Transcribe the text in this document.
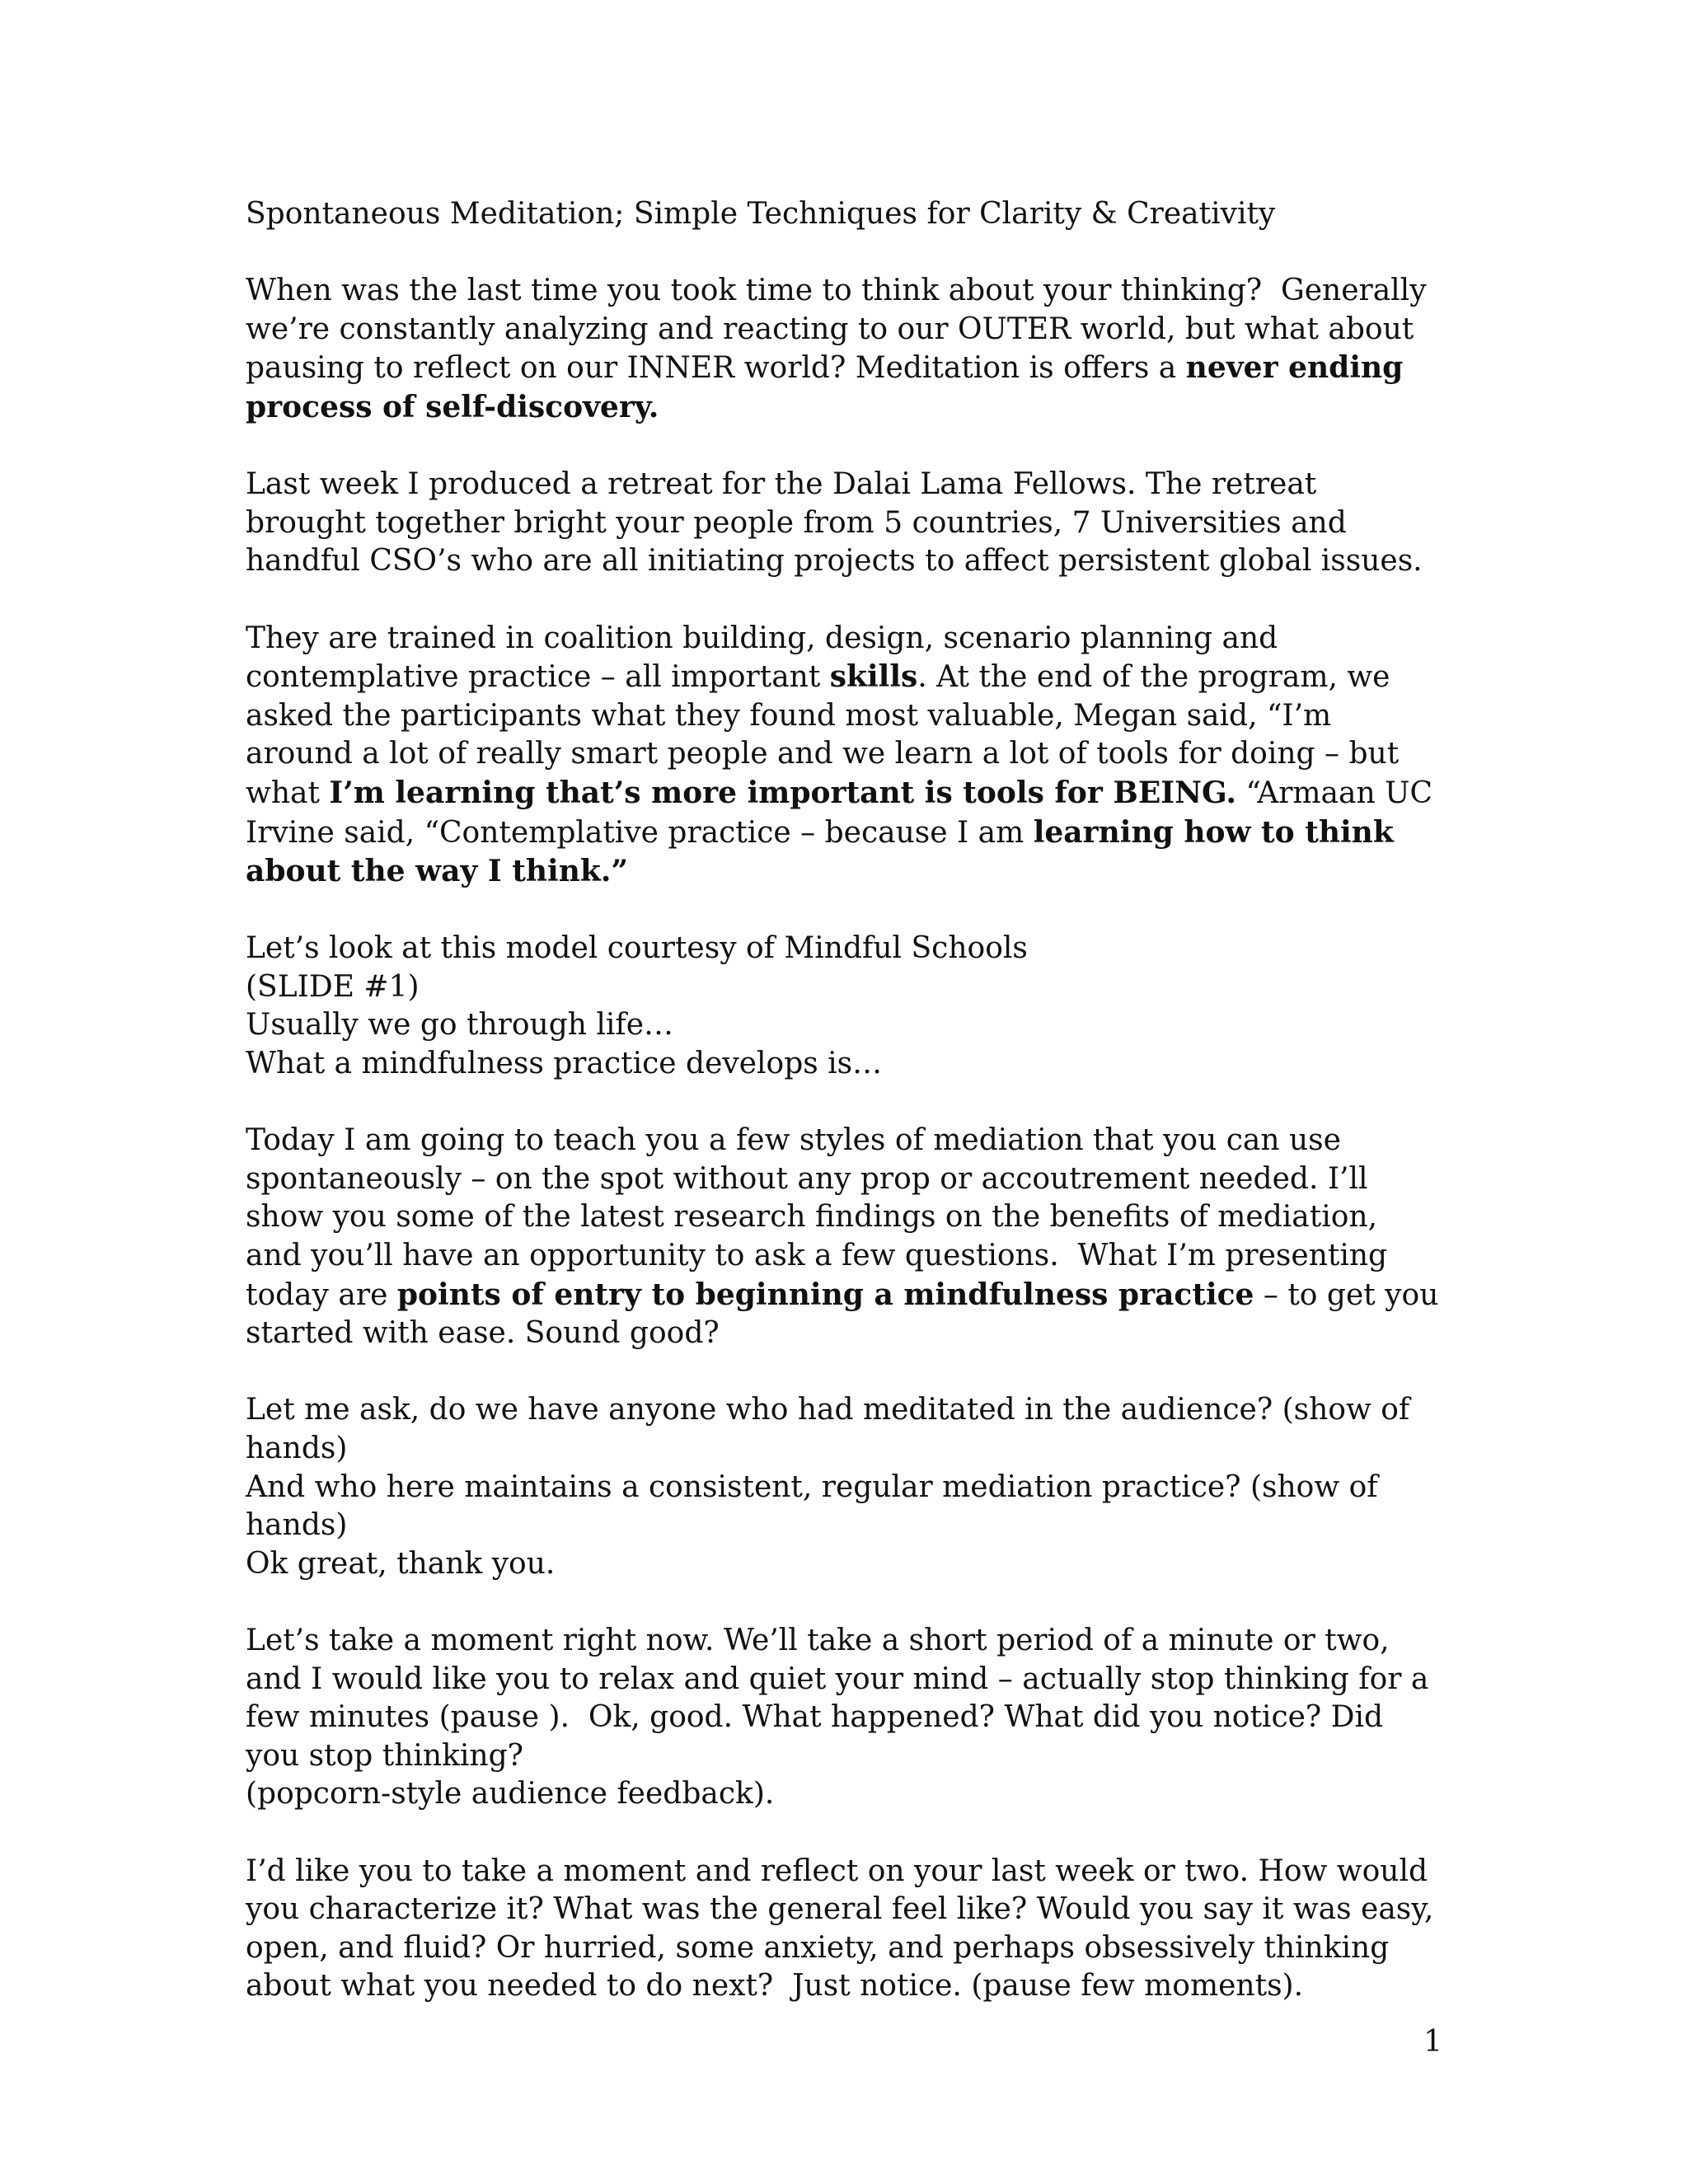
Spontaneous Meditation; Simple Techniques for Clarity & Creativity

When was the last time you took time to think about your thinking?  Generally we’re constantly analyzing and reacting to our OUTER world, but what about pausing to reflect on our INNER world? Meditation is offers a never ending process of self-discovery.

Last week I produced a retreat for the Dalai Lama Fellows. The retreat brought together bright your people from 5 countries, 7 Universities and handful CSO’s who are all initiating projects to affect persistent global issues.

They are trained in coalition building, design, scenario planning and contemplative practice – all important skills. At the end of the program, we asked the participants what they found most valuable, Megan said, “I’m around a lot of really smart people and we learn a lot of tools for doing – but what I’m learning that’s more important is tools for BEING. “Armaan UC Irvine said, “Contemplative practice – because I am learning how to think about the way I think.”

Let’s look at this model courtesy of Mindful Schools
(SLIDE #1)
Usually we go through life…
What a mindfulness practice develops is…

Today I am going to teach you a few styles of mediation that you can use spontaneously – on the spot without any prop or accoutrement needed. I’ll show you some of the latest research findings on the benefits of mediation, and you’ll have an opportunity to ask a few questions.  What I’m presenting today are points of entry to beginning a mindfulness practice – to get you started with ease. Sound good?

Let me ask, do we have anyone who had meditated in the audience? (show of hands)
And who here maintains a consistent, regular mediation practice? (show of hands)
Ok great, thank you.

Let’s take a moment right now. We’ll take a short period of a minute or two, and I would like you to relax and quiet your mind – actually stop thinking for a few minutes (pause ).  Ok, good. What happened? What did you notice? Did you stop thinking?
(popcorn-style audience feedback).

I’d like you to take a moment and reflect on your last week or two. How would you characterize it? What was the general feel like? Would you say it was easy, open, and fluid? Or hurried, some anxiety, and perhaps obsessively thinking about what you needed to do next?  Just notice. (pause few moments).

1
